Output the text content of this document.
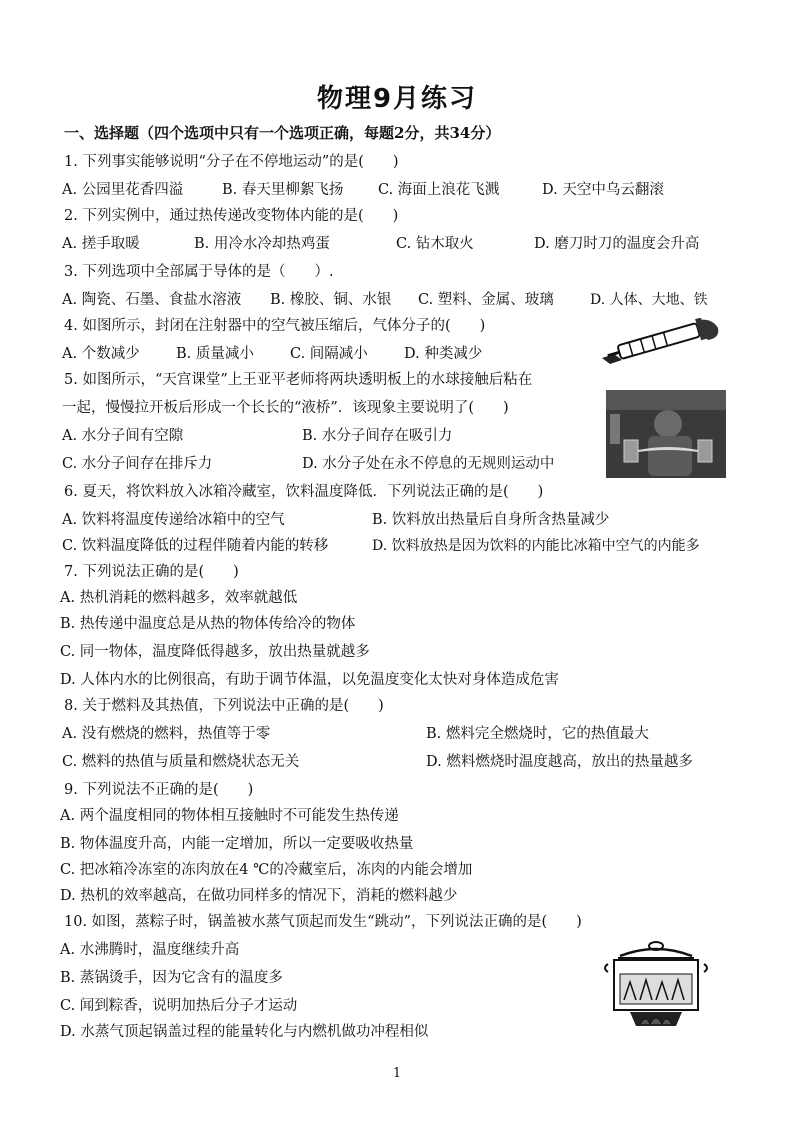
物理9月练习
一、选择题（四个选项中只有一个选项正确，每题2分，共34分）
1. 下列事实能够说明“分子在不停地运动”的是(　　)
A. 公园里花香四溢	B. 春天里柳絮飞扬 C. 海面上浪花飞溅	D. 天空中乌云翻滚
2. 下列实例中，通过热传递改变物体内能的是(　　)
A. 搓手取暖	B. 用冷水冷却热鸡蛋	C. 钻木取火	D. 磨刀时刀的温度会升高
3. 下列选项中全部属于导体的是（　　）.
A. 陶瓷、石墨、食盐水溶液 B. 橡胶、铜、水银 C. 塑料、金属、玻璃	D. 人体、大地、铁
4. 如图所示，封闭在注射器中的空气被压缩后，气体分子的(　　)
A. 个数减少	B. 质量减小 C. 间隔减小 D. 种类减少
5. 如图所示，“天宫课堂”上王亚平老师将两块透明板上的水球接触后粘在
一起，慢慢拉开板后形成一个长长的“液桥”．该现象主要说明了(　　)
A. 水分子间有空隙	B. 水分子间存在吸引力
C. 水分子间存在排斥力	D. 水分子处在永不停息的无规则运动中
6. 夏天，将饮料放入冰箱冷藏室，饮料温度降低．下列说法正确的是(　　)
A. 饮料将温度传递给冰箱中的空气	B. 饮料放出热量后自身所含热量减少
C. 饮料温度降低的过程伴随着内能的转移	D. 饮料放热是因为饮料的内能比冰箱中空气的内能多
7. 下列说法正确的是(　　)
A. 热机消耗的燃料越多，效率就越低
B. 热传递中温度总是从热的物体传给冷的物体
C. 同一物体，温度降低得越多，放出热量就越多
D. 人体内水的比例很高，有助于调节体温，以免温度变化太快对身体造成危害
8. 关于燃料及其热值，下列说法中正确的是(　　)
A. 没有燃烧的燃料，热值等于零	B. 燃料完全燃烧时，它的热值最大
C. 燃料的热值与质量和燃烧状态无关	D. 燃料燃烧时温度越高，放出的热量越多
9. 下列说法不正确的是(　　)
A. 两个温度相同的物体相互接触时不可能发生热传递
B. 物体温度升高，内能一定增加，所以一定要吸收热量
C. 把冰箱冷冻室的冻肉放在4 ℃的冷藏室后，冻肉的内能会增加
D. 热机的效率越高，在做功同样多的情况下，消耗的燃料越少
10. 如图，蒸粽子时，锅盖被水蒸气顶起而发生“跳动”，下列说法正确的是(　　)
A. 水沸腾时，温度继续升高
B. 蒸锅烫手，因为它含有的温度多
C. 闻到粽香，说明加热后分子才运动
D. 水蒸气顶起锅盖过程的能量转化与内燃机做功冲程相似
1
